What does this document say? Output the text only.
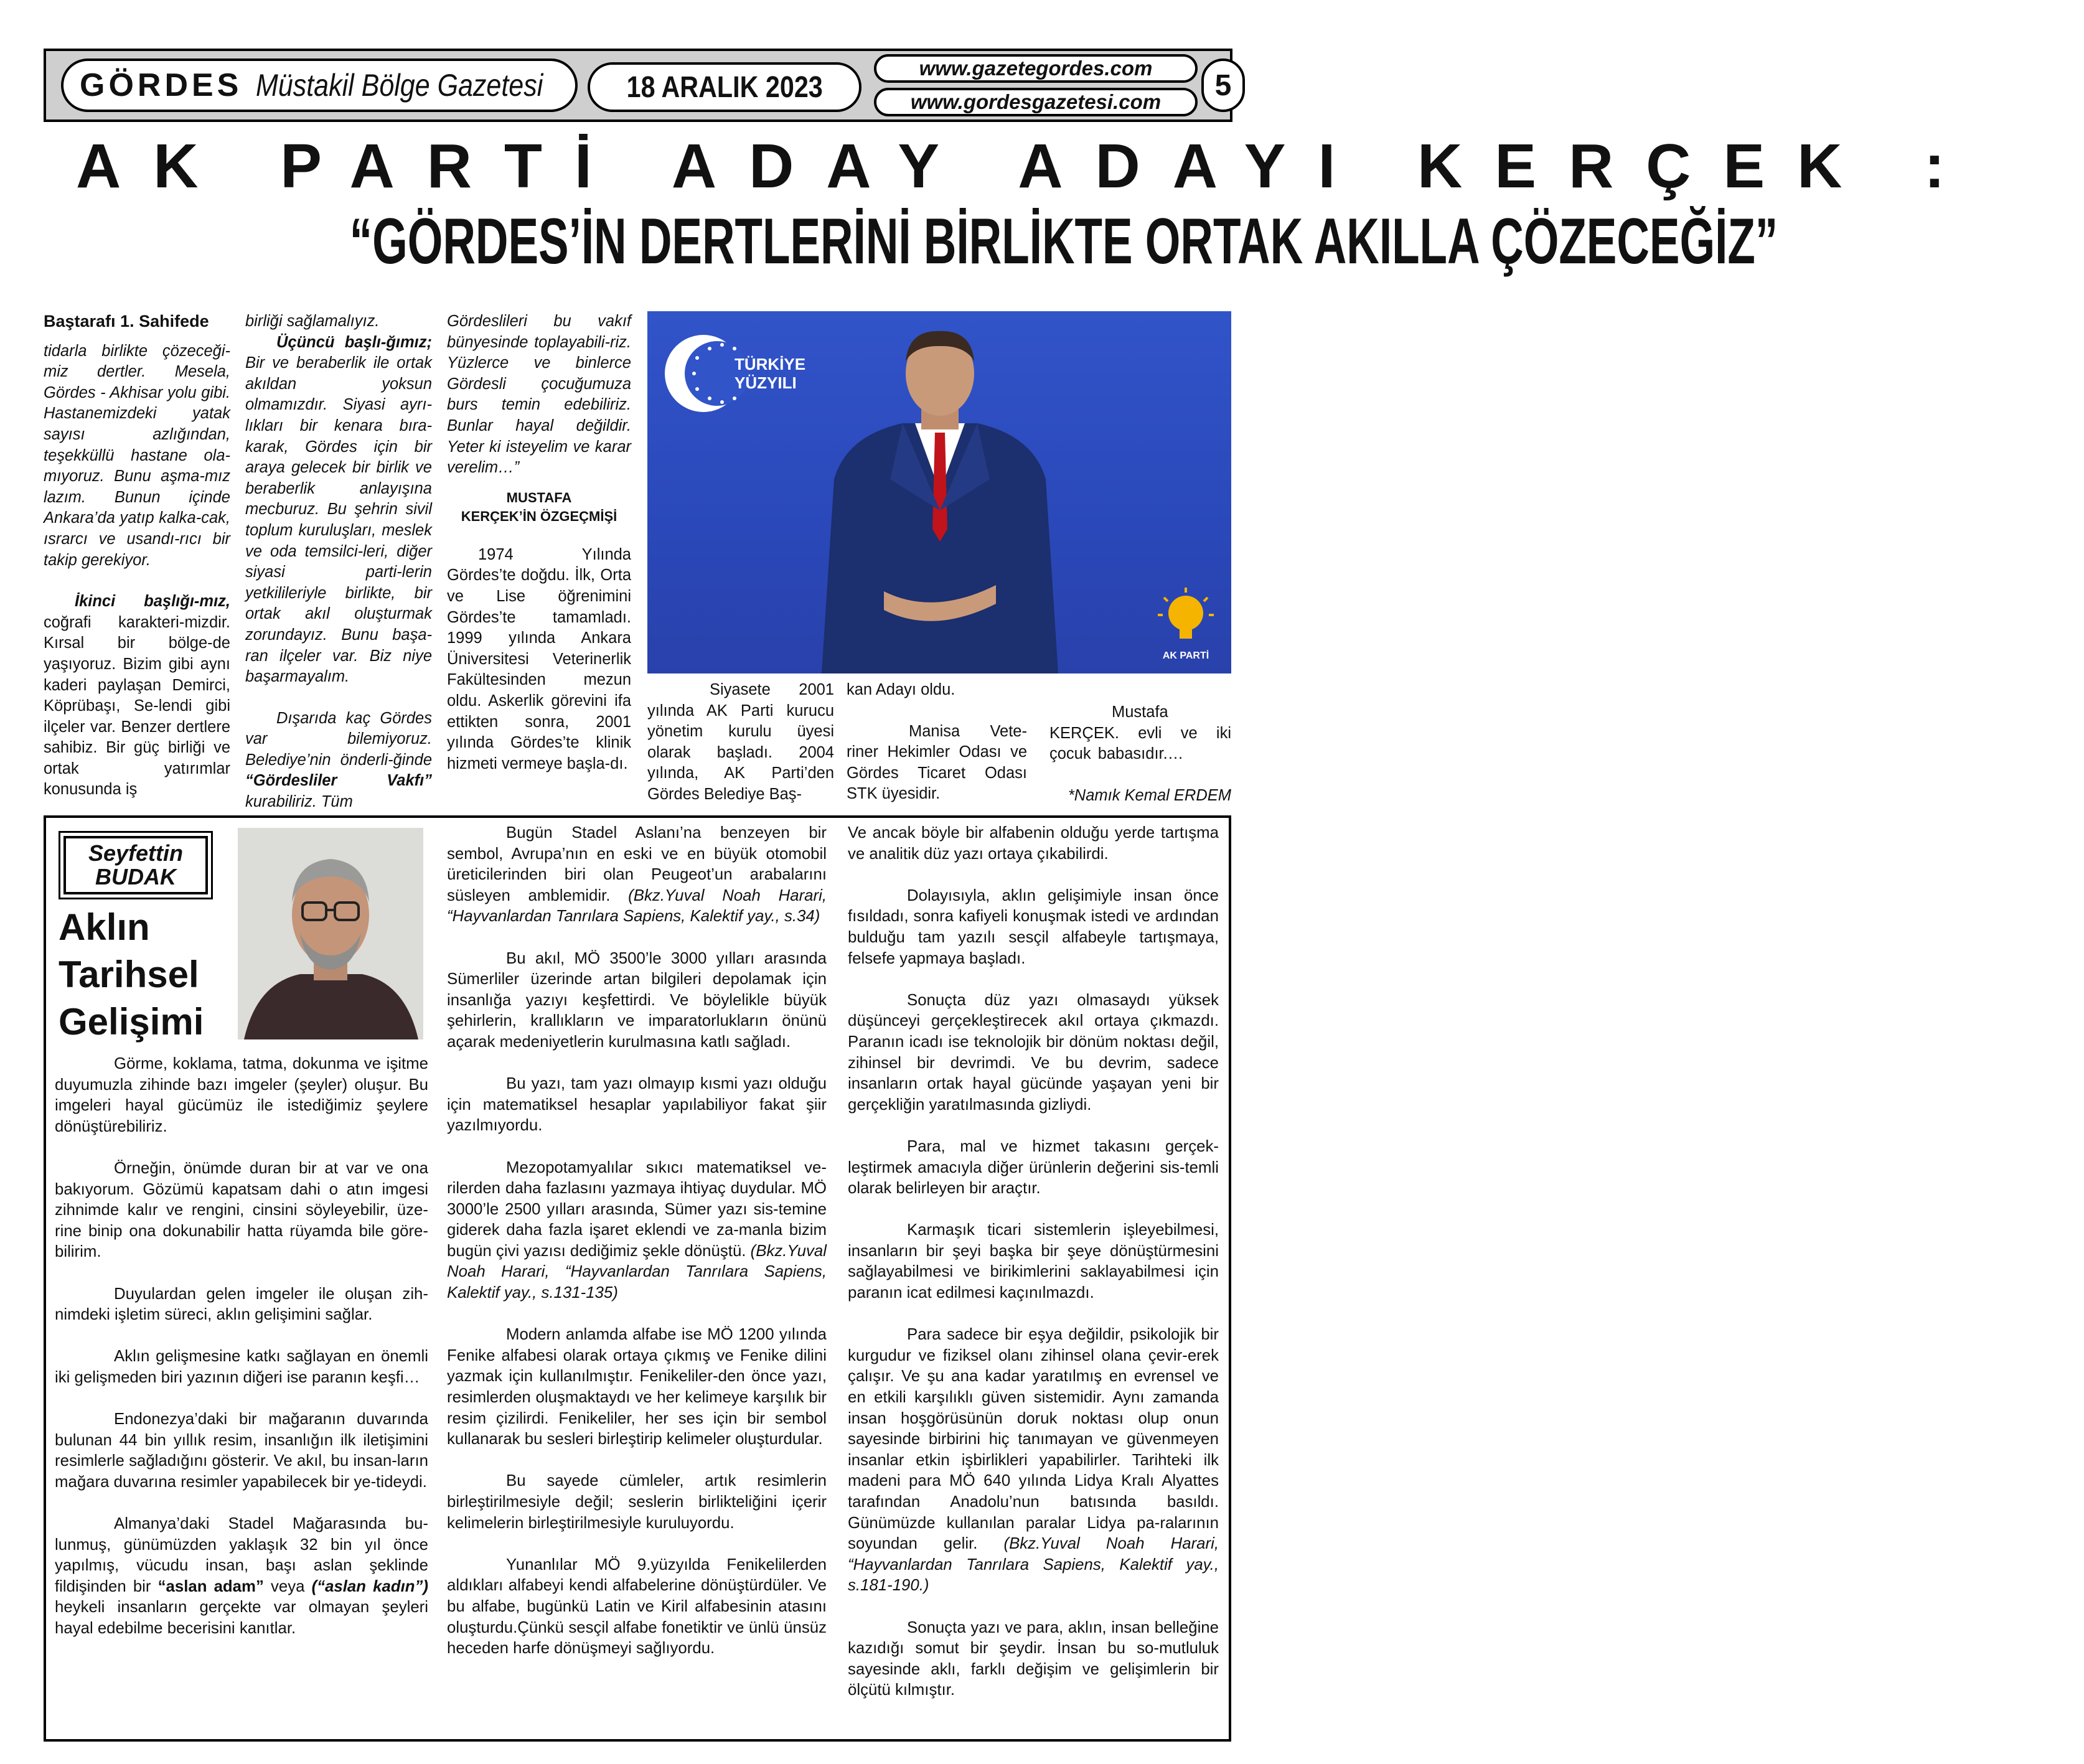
GÖRDES Müstakil Bölge Gazetesi	18 ARALIK 2023
www.gazetegordes.com
www.gordesgazetesi.com	5
AK PARTİ ADAY ADAYI KERÇEK :
“GÖRDES’İN DERTLERİNİ BİRLİKTE ORTAK AKILLA ÇÖZECEĞİZ”
Baştarafı 1. Sahifede

tidarla birlikte çözeceği-miz dertler. Mesela, Gördes - Akhisar yolu gibi. Hastanemizdeki yatak sayısı azlığından, teşekküllü hastane ola-mıyoruz. Bunu aşma-mız lazım. Bunun içinde Ankara’da yatıp kalka-cak, ısrarcı ve usandı-rıcı bir takip gerekiyor.

İkinci başlığı-mız, coğrafi karakteri-mizdir. Kırsal bir bölge-de yaşıyoruz. Bizim gibi aynı kaderi paylaşan Demirci, Köprübaşı, Se-lendi gibi ilçeler var. Benzer dertlere sahibiz. Bir güç birliği ve ortak yatırımlar konusunda iş

birliği sağlamalıyız.

Üçüncü başlı-ğımız; Bir ve beraberlik ile ortak akıldan yoksun olmamızdır. Siyasi ayrı-lıkları bir kenara bıra-karak, Gördes için bir araya gelecek bir birlik ve beraberlik anlayışına mecburuz. Bu şehrin sivil toplum kuruluşları, meslek ve oda temsilci-leri, diğer siyasi parti-lerin yetkilileriyle birlikte, bir ortak akıl oluşturmak zorundayız. Bunu başa-ran ilçeler var. Biz niye başarmayalım.

Dışarıda kaç Gördes var bilemiyoruz. Belediye’nin önderli-ğinde “Gördesliler Vakfı” kurabiliriz. Tüm

Gördeslileri bu vakıf bünyesinde toplayabili-riz. Yüzlerce ve binlerce Gördesli çocuğumuza burs temin edebiliriz. Bunlar hayal değildir. Yeter ki isteyelim ve karar verelim…”

MUSTAFA
KERÇEK’İN ÖZGEÇMİŞİ

1974 Yılında Gördes’te doğdu. İlk, Orta ve Lise öğrenimini Gördes’te tamamladı. 1999 yılında Ankara Üniversitesi Veterinerlik Fakültesinden mezun oldu. Askerlik görevini ifa ettikten sonra, 2001 yılında Gördes’te klinik hizmeti vermeye başla-dı.

TÜRKİYE
YÜZYILI
AK PARTİ

Siyasete 2001 yılında AK Parti kurucu yönetim kurulu üyesi olarak başladı. 2004 yılında, AK Parti’den Gördes Belediye Baş-

kan Adayı oldu.

Manisa Vete-riner Hekimler Odası ve Gördes Ticaret Odası STK üyesidir.

Mustafa KERÇEK. evli ve iki çocuk babasıdır.…

*Namık Kemal ERDEM

Seyfettin
BUDAK
Aklın
Tarihsel
Gelişimi

Görme, koklama, tatma, dokunma ve işitme duyumuzla zihinde bazı imgeler (şeyler) oluşur. Bu imgeleri hayal gücümüz ile istediğimiz şeylere dönüştürebiliriz.

Örneğin, önümde duran bir at var ve ona bakıyorum. Gözümü kapatsam dahi o atın imgesi zihnimde kalır ve rengini, cinsini söyleyebilir, üze-rine binip ona dokunabilir hatta rüyamda bile göre-bilirim.

Duyulardan gelen imgeler ile oluşan zih-nimdeki işletim süreci, aklın gelişimini sağlar.

Aklın gelişmesine katkı sağlayan en önemli iki gelişmeden biri yazının diğeri ise paranın keşfi…

Endonezya’daki bir mağaranın duvarında bulunan 44 bin yıllık resim, insanlığın ilk iletişimini resimlerle sağladığını gösterir. Ve akıl, bu insan-ların mağara duvarına resimler yapabilecek bir ye-tideydi.

Almanya’daki Stadel Mağarasında bu-lunmuş, günümüzden yaklaşık 32 bin yıl önce yapılmış, vücudu insan, başı aslan şeklinde fildişinden bir “aslan adam” veya (“aslan kadın”) heykeli insanların gerçekte var olmayan şeyleri hayal edebilme becerisini kanıtlar.

Bugün Stadel Aslanı’na benzeyen bir sembol, Avrupa’nın en eski ve en büyük otomobil üreticilerinden biri olan Peugeot’un arabalarını süsleyen amblemidir. (Bkz.Yuval Noah Harari, “Hayvanlardan Tanrılara Sapiens, Kalektif yay., s.34)

Bu akıl, MÖ 3500’le 3000 yılları arasında Sümerliler üzerinde artan bilgileri depolamak için insanlığa yazıyı keşfettirdi. Ve böylelikle büyük şehirlerin, krallıkların ve imparatorlukların önünü açarak medeniyetlerin kurulmasına katlı sağladı.

Bu yazı, tam yazı olmayıp kısmi yazı olduğu için matematiksel hesaplar yapılabiliyor fakat şiir yazılmıyordu.

Mezopotamyalılar sıkıcı matematiksel ve-rilerden daha fazlasını yazmaya ihtiyaç duydular. MÖ 3000’le 2500 yılları arasında, Sümer yazı sis-temine giderek daha fazla işaret eklendi ve za-manla bizim bugün çivi yazısı dediğimiz şekle dönüştü. (Bkz.Yuval Noah Harari, “Hayvanlardan Tanrılara Sapiens, Kalektif yay., s.131-135)

Modern anlamda alfabe ise MÖ 1200 yılında Fenike alfabesi olarak ortaya çıkmış ve Fenike dilini yazmak için kullanılmıştır. Fenikeliler-den önce yazı, resimlerden oluşmaktaydı ve her kelimeye karşılık bir resim çizilirdi. Fenikeliler, her ses için bir sembol kullanarak bu sesleri birleştirip kelimeler oluşturdular.

Bu sayede cümleler, artık resimlerin birleştirilmesiyle değil; seslerin birlikteliğini içerir kelimelerin birleştirilmesiyle kuruluyordu.

Yunanlılar MÖ 9.yüzyılda Fenikelilerden aldıkları alfabeyi kendi alfabelerine dönüştürdüler. Ve bu alfabe, bugünkü Latin ve Kiril alfabesinin atasını oluşturdu.Çünkü sesçil alfabe fonetiktir ve ünlü ünsüz heceden harfe dönüşmeyi sağlıyordu.

Ve ancak böyle bir alfabenin olduğu yerde tartışma ve analitik düz yazı ortaya çıkabilirdi.

Dolayısıyla, aklın gelişimiyle insan önce fısıldadı, sonra kafiyeli konuşmak istedi ve ardından bulduğu tam yazılı sesçil alfabeyle tartışmaya, felsefe yapmaya başladı.

Sonuçta düz yazı olmasaydı yüksek düşünceyi gerçekleştirecek akıl ortaya çıkmazdı. Paranın icadı ise teknolojik bir dönüm noktası değil, zihinsel bir devrimdi. Ve bu devrim, sadece insanların ortak hayal gücünde yaşayan yeni bir gerçekliğin yaratılmasında gizliydi.

Para, mal ve hizmet takasını gerçek-leştirmek amacıyla diğer ürünlerin değerini sis-temli olarak belirleyen bir araçtır.

Karmaşık ticari sistemlerin işleyebilmesi, insanların bir şeyi başka bir şeye dönüştürmesini sağlayabilmesi ve birikimlerini saklayabilmesi için paranın icat edilmesi kaçınılmazdı.

Para sadece bir eşya değildir, psikolojik bir kurgudur ve fiziksel olanı zihinsel olana çevir-erek çalışır. Ve şu ana kadar yaratılmış en evrensel ve en etkili karşılıklı güven sistemidir. Aynı zamanda insan hoşgörüsünün doruk noktası olup onun sayesinde birbirini hiç tanımayan ve güvenmeyen insanlar etkin işbirlikleri yapabilirler. Tarihteki ilk madeni para MÖ 640 yılında Lidya Kralı Alyattes tarafından Anadolu’nun batısında basıldı. Günümüzde kullanılan paralar Lidya pa-ralarının soyundan gelir. (Bkz.Yuval Noah Harari, “Hayvanlardan Tanrılara Sapiens, Kalektif yay., s.181-190.)

Sonuçta yazı ve para, aklın, insan belleğine kazıdığı somut bir şeydir. İnsan bu so-mutluluk sayesinde aklı, farklı değişim ve gelişimlerin bir ölçütü kılmıştır.
